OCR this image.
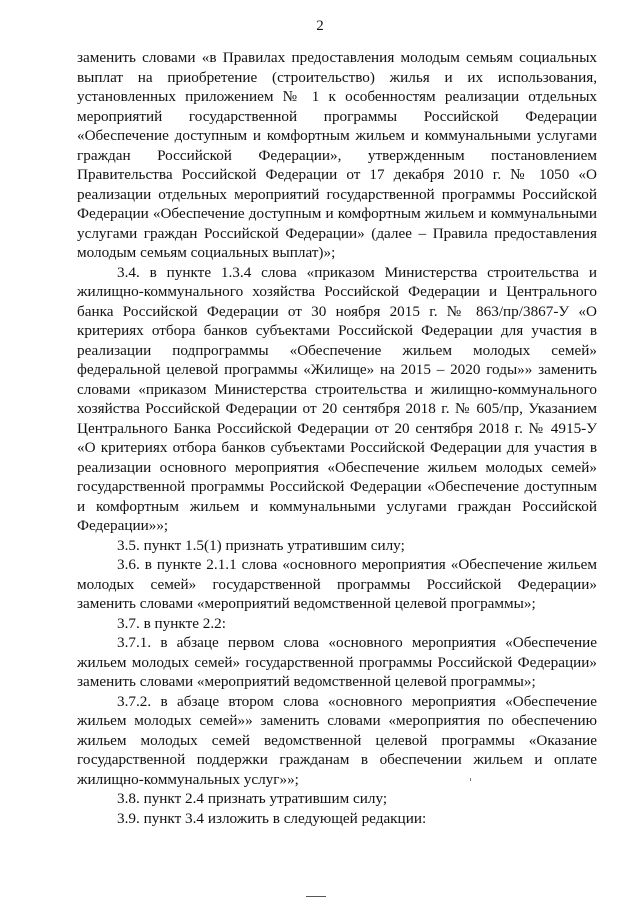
2

заменить словами «в Правилах предоставления молодым семьям социальных выплат на приобретение (строительство) жилья и их использования, установленных приложением № 1 к особенностям реализации отдельных мероприятий государственной программы Российской Федерации «Обеспечение доступным и комфортным жильем и коммунальными услугами граждан Российской Федерации», утвержденным постановлением Правительства Российской Федерации от 17 декабря 2010 г. № 1050 «О реализации отдельных мероприятий государственной программы Российской Федерации «Обеспечение доступным и комфортным жильем и коммунальными услугами граждан Российской Федерации» (далее – Правила предоставления молодым семьям социальных выплат)»;

3.4. в пункте 1.3.4 слова «приказом Министерства строительства и жилищно-коммунального хозяйства Российской Федерации и Центрального банка Российской Федерации от 30 ноября 2015 г. № 863/пр/3867-У «О критериях отбора банков субъектами Российской Федерации для участия в реализации подпрограммы «Обеспечение жильем молодых семей» федеральной целевой программы «Жилище» на 2015 – 2020 годы»» заменить словами «приказом Министерства строительства и жилищно-коммунального хозяйства Российской Федерации от 20 сентября 2018 г. № 605/пр, Указанием Центрального Банка Российской Федерации от 20 сентября 2018 г. № 4915-У «О критериях отбора банков субъектами Российской Федерации для участия в реализации основного мероприятия «Обеспечение жильем молодых семей» государственной программы Российской Федерации «Обеспечение доступным и комфортным жильем и коммунальными услугами граждан Российской Федерации»»;

3.5. пункт 1.5(1) признать утратившим силу;

3.6. в пункте 2.1.1 слова «основного мероприятия «Обеспечение жильем молодых семей» государственной программы Российской Федерации» заменить словами «мероприятий ведомственной целевой программы»;

3.7. в пункте 2.2:

3.7.1. в абзаце первом слова «основного мероприятия «Обеспечение жильем молодых семей» государственной программы Российской Федерации» заменить словами «мероприятий ведомственной целевой программы»;

3.7.2. в абзаце втором слова «основного мероприятия «Обеспечение жильем молодых семей»» заменить словами «мероприятия по обеспечению жильем молодых семей ведомственной целевой программы «Оказание государственной поддержки гражданам в обеспечении жильем и оплате жилищно-коммунальных услуг»»;

3.8. пункт 2.4 признать утратившим силу;

3.9. пункт 3.4 изложить в следующей редакции:
